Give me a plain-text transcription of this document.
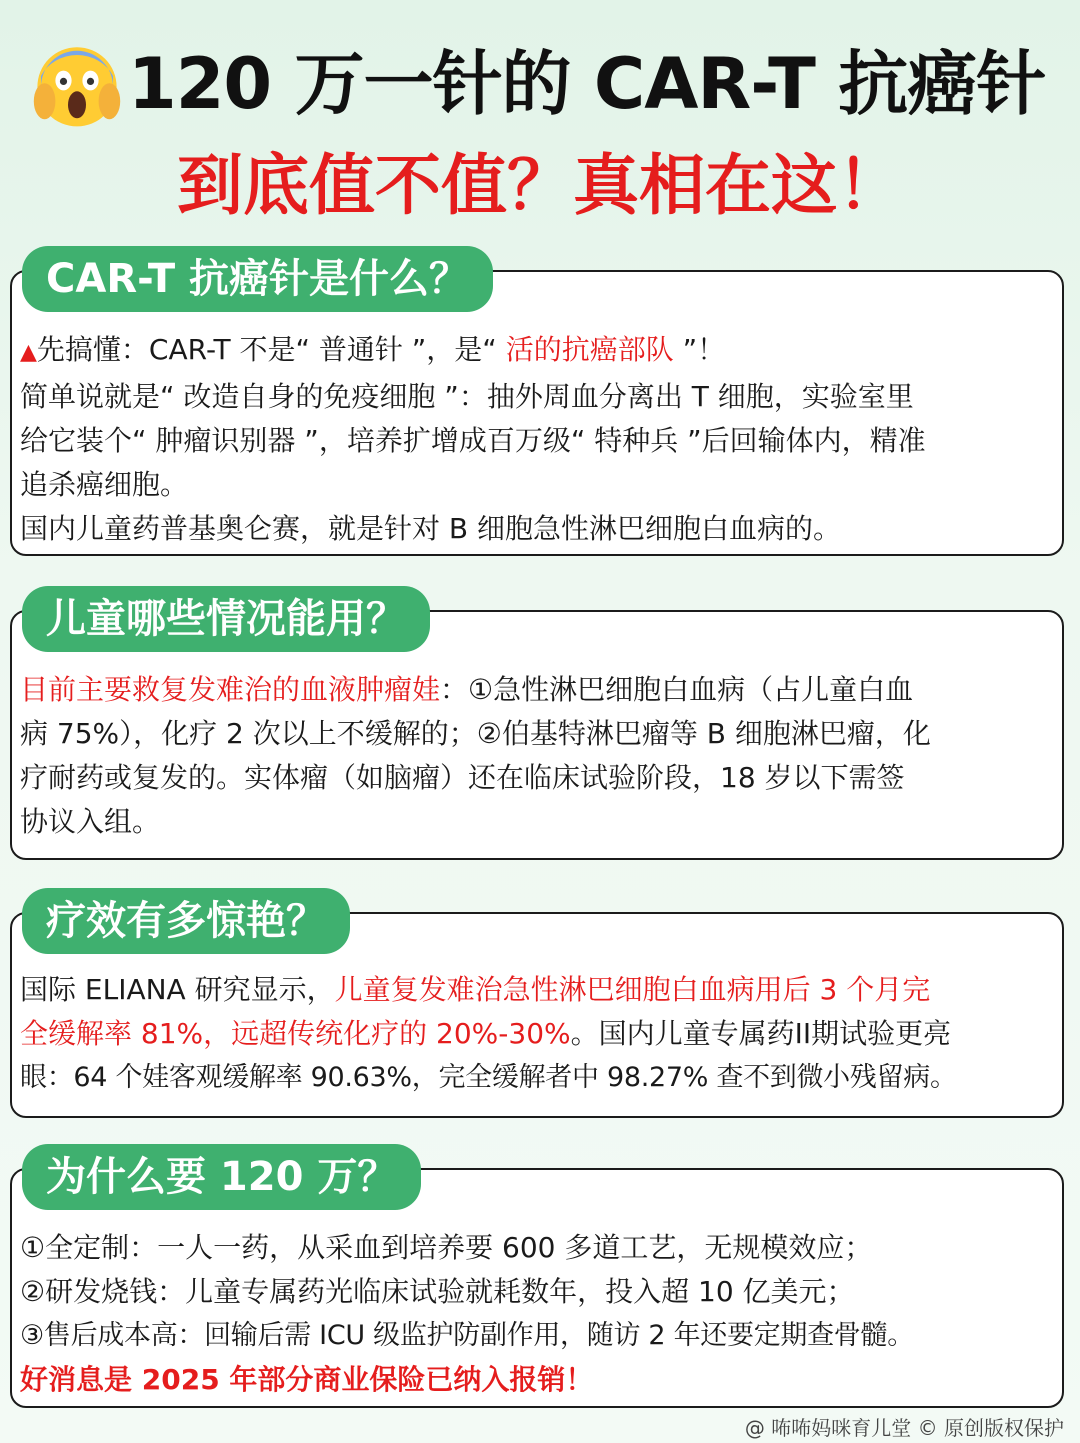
120 万一针的 CAR-T 抗癌针
到底值不值？真相在这！
CAR-T 抗癌针是什么？
▲先搞懂：CAR-T 不是“ 普通针 ”，是“ 活的抗癌部队 ”！
简单说就是“ 改造自身的免疫细胞 ”：抽外周血分离出 T 细胞，实验室里
给它装个“ 肿瘤识别器 ”，培养扩增成百万级“ 特种兵 ”后回输体内，精准
追杀癌细胞。
国内儿童药普基奥仑赛，就是针对 B 细胞急性淋巴细胞白血病的。
儿童哪些情况能用？
目前主要救复发难治的血液肿瘤娃：①急性淋巴细胞白血病（占儿童白血
病 75%），化疗 2 次以上不缓解的；②伯基特淋巴瘤等 B 细胞淋巴瘤，化
疗耐药或复发的。实体瘤（如脑瘤）还在临床试验阶段，18 岁以下需签
协议入组。
疗效有多惊艳？
国际 ELIANA 研究显示，儿童复发难治急性淋巴细胞白血病用后 3 个月完
全缓解率 81%，远超传统化疗的 20%-30%。国内儿童专属药II期试验更亮
眼：64 个娃客观缓解率 90.63%，完全缓解者中 98.27% 查不到微小残留病。
为什么要 120 万？
①全定制：一人一药，从采血到培养要 600 多道工艺，无规模效应；
②研发烧钱：儿童专属药光临床试验就耗数年，投入超 10 亿美元；
③售后成本高：回输后需 ICU 级监护防副作用，随访 2 年还要定期查骨髓。
好消息是 2025 年部分商业保险已纳入报销！
@ 咘咘妈咪育儿堂 © 原创版权保护
